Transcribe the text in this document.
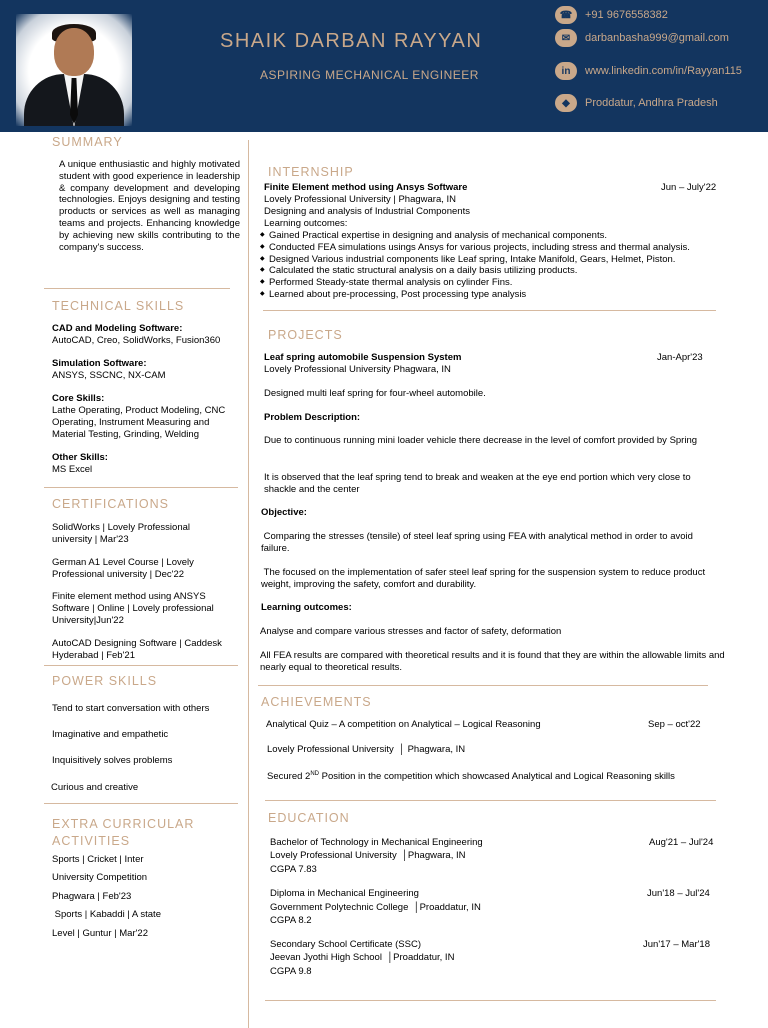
SHAIK DARBAN RAYYAN
ASPIRING MECHANICAL ENGINEER
☎	+91 9676558382
✉	darbanbasha999@gmail.com
in	www.linkedin.com/in/Rayyan115
◆	Proddatur, Andhra Pradesh
SUMMARY
A unique enthusiastic and highly motivated student with good experience in leadership & company development and developing technologies. Enjoys designing and testing products or services as well as managing teams and projects. Enhancing knowledge by achieving new skills contributing to the company's success.
TECHNICAL SKILLS
CAD and Modeling Software:
AutoCAD, Creo, SolidWorks, Fusion360
Simulation Software:
ANSYS, SSCNC, NX-CAM
Core Skills:
Lathe Operating, Product Modeling, CNC Operating, Instrument Measuring and Material Testing, Grinding, Welding
Other Skills:
MS Excel
CERTIFICATIONS
SolidWorks | Lovely Professional university | Mar'23
German A1 Level Course | Lovely Professional university | Dec'22
Finite element method using ANSYS Software | Online | Lovely professional University|Jun'22
AutoCAD Designing Software | Caddesk Hyderabad | Feb'21
POWER SKILLS
Tend to start conversation with others
Imaginative and empathetic
Inquisitively solves problems
Curious and creative
EXTRA CURRICULAR
ACTIVITIES
Sports | Cricket | Inter
University Competition
Phagwara | Feb'23
Sports | Kabaddi | A state
Level | Guntur | Mar'22
INTERNSHIP
Finite Element method using Ansys Software	Jun – July'22
Lovely Professional University | Phagwara, IN
Designing and analysis of Industrial Components
Learning outcomes:
◆ Gained Practical expertise in designing and analysis of mechanical components.
◆ Conducted FEA simulations usings Ansys for various projects, including stress and thermal analysis.
◆ Designed Various industrial components like Leaf spring, Intake Manifold, Gears, Helmet, Piston.
◆ Calculated the static structural analysis on a daily basis utilizing products.
◆ Performed Steady-state thermal analysis on cylinder Fins.
◆ Learned about pre-processing, Post processing type analysis
PROJECTS
Leaf spring automobile Suspension System	Jan-Apr'23
Lovely Professional University Phagwara, IN
Designed multi leaf spring for four-wheel automobile.
Problem Description:
Due to continuous running mini loader vehicle there decrease in the level of comfort provided by Spring
It is observed that the leaf spring tend to break and weaken at the eye end portion which very close to shackle and the center
Objective:
Comparing the stresses (tensile) of steel leaf spring using FEA with analytical method in order to avoid failure.
The focused on the implementation of safer steel leaf spring for the suspension system to reduce product weight, improving the safety, comfort and durability.
Learning outcomes:
Analyse and compare various stresses and factor of safety, deformation
All FEA results are compared with theoretical results and it is found that they are within the allowable limits and nearly equal to theoretical results.
ACHIEVEMENTS
Analytical Quiz – A competition on Analytical – Logical Reasoning	Sep – oct'22
Lovely Professional University  │ Phagwara, IN
Secured 2ND Position in the competition which showcased Analytical and Logical Reasoning skills
EDUCATION
Bachelor of Technology in Mechanical Engineering	Aug'21 – Jul'24
Lovely Professional University  │Phagwara, IN
CGPA 7.83
Diploma in Mechanical Engineering	Jun'18 – Jul'24
Government Polytechnic College  │Proaddatur, IN
CGPA 8.2
Secondary School Certificate (SSC)	Jun'17 – Mar'18
Jeevan Jyothi High School  │Proaddatur, IN
CGPA 9.8
